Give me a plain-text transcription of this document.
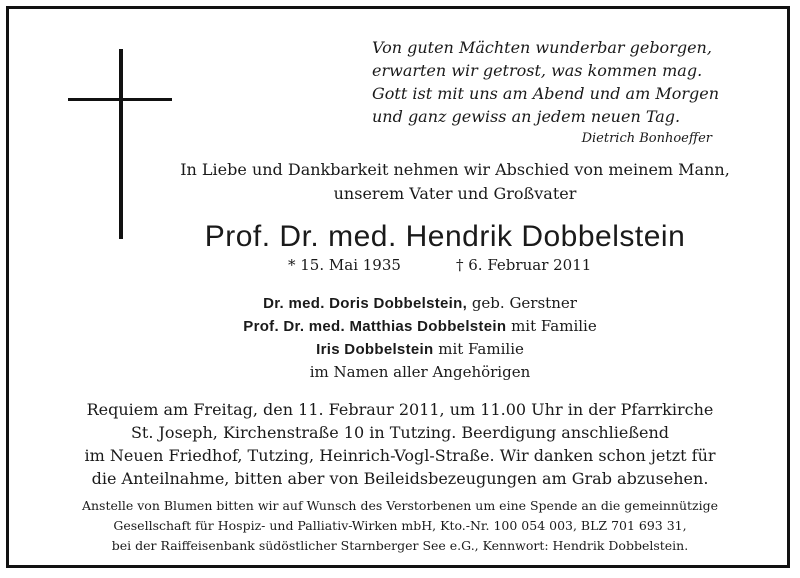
Von guten Mächten wunderbar geborgen,
erwarten wir getrost, was kommen mag.
Gott ist mit uns am Abend und am Morgen
und ganz gewiss an jedem neuen Tag.
Dietrich Bonhoeffer
In Liebe und Dankbarkeit nehmen wir Abschied von meinem Mann,
unserem Vater und Großvater
Prof. Dr. med. Hendrik Dobbelstein
* 15. Mai 1935	† 6. Februar 2011
Dr. med. Doris Dobbelstein, geb. Gerstner
Prof. Dr. med. Matthias Dobbelstein mit Familie
Iris Dobbelstein mit Familie
im Namen aller Angehörigen
Requiem am Freitag, den 11. Febraur 2011, um 11.00 Uhr in der Pfarrkirche
St. Joseph, Kirchenstraße 10 in Tutzing. Beerdigung anschließend
im Neuen Friedhof, Tutzing, Heinrich-Vogl-Straße. Wir danken schon jetzt für
die Anteilnahme, bitten aber von Beileidsbezeugungen am Grab abzusehen.
Anstelle von Blumen bitten wir auf Wunsch des Verstorbenen um eine Spende an die gemeinnützige
Gesellschaft für Hospiz- und Palliativ-Wirken mbH, Kto.-Nr. 100 054 003, BLZ 701 693 31,
bei der Raiffeisenbank südöstlicher Starnberger See e.G., Kennwort: Hendrik Dobbelstein.
